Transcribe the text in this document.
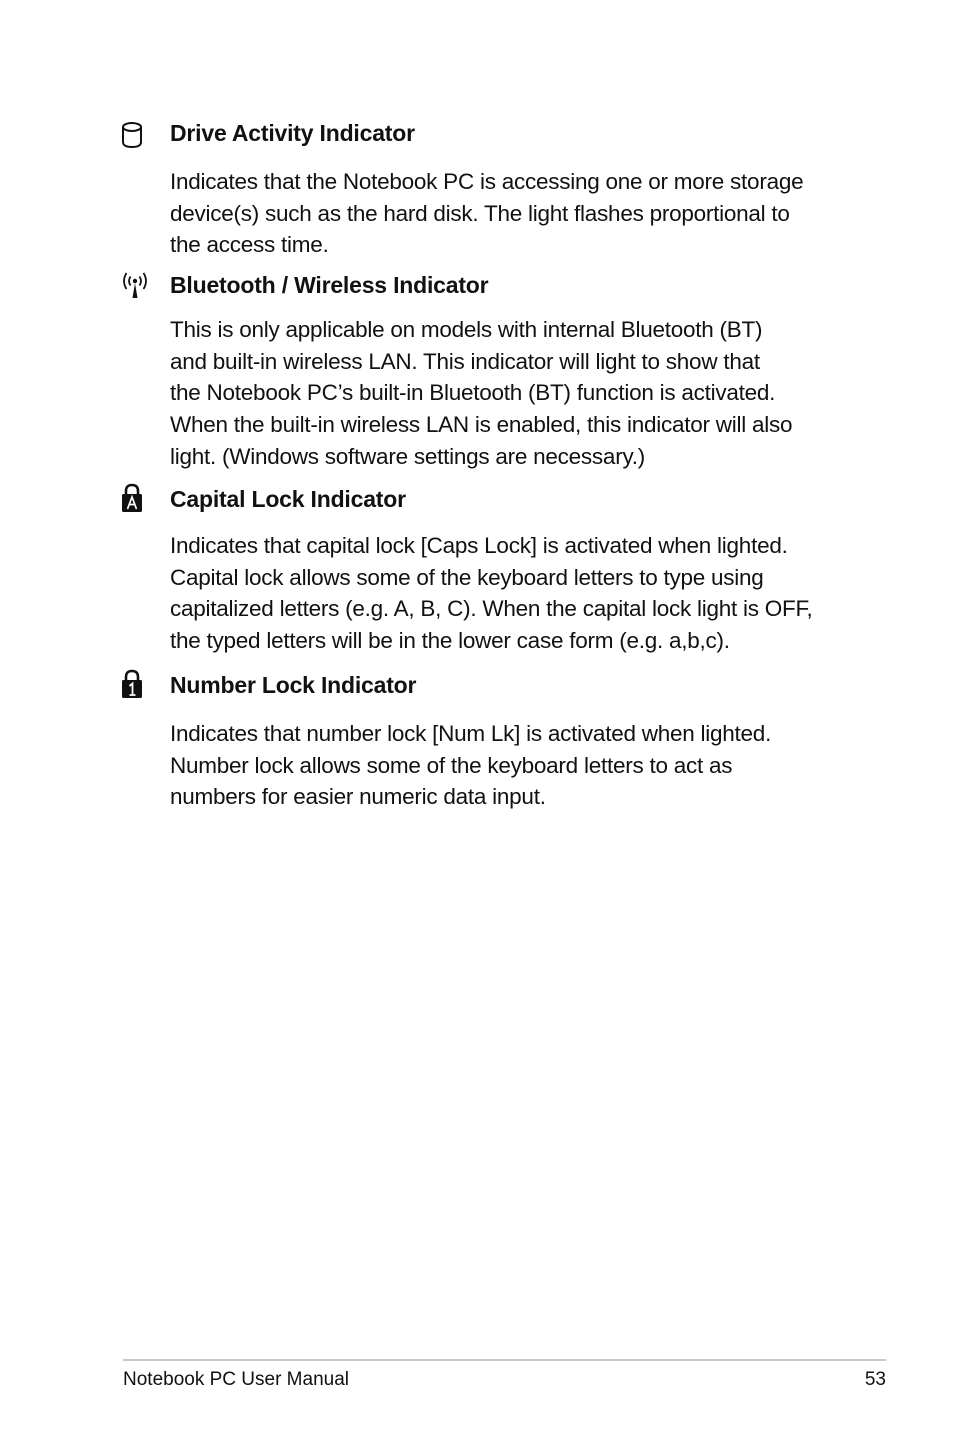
Drive Activity Indicator

Indicates that the Notebook PC is accessing one or more storage
device(s) such as the hard disk. The light flashes proportional to
the access time.

Bluetooth / Wireless Indicator

This is only applicable on models with internal Bluetooth (BT)
and built-in wireless LAN. This indicator will light to show that
the Notebook PC’s built-in Bluetooth (BT) function is activated.
When the built-in wireless LAN is enabled, this indicator will also
light. (Windows software settings are necessary.)

Capital Lock Indicator

Indicates that capital lock [Caps Lock] is activated when lighted.
Capital lock allows some of the keyboard letters to type using
capitalized letters (e.g. A, B, C). When the capital lock light is OFF,
the typed letters will be in the lower case form (e.g. a,b,c).

Number Lock Indicator

Indicates that number lock [Num Lk] is activated when lighted.
Number lock allows some of the keyboard letters to act as
numbers for easier numeric data input.

Notebook PC User Manual	53
